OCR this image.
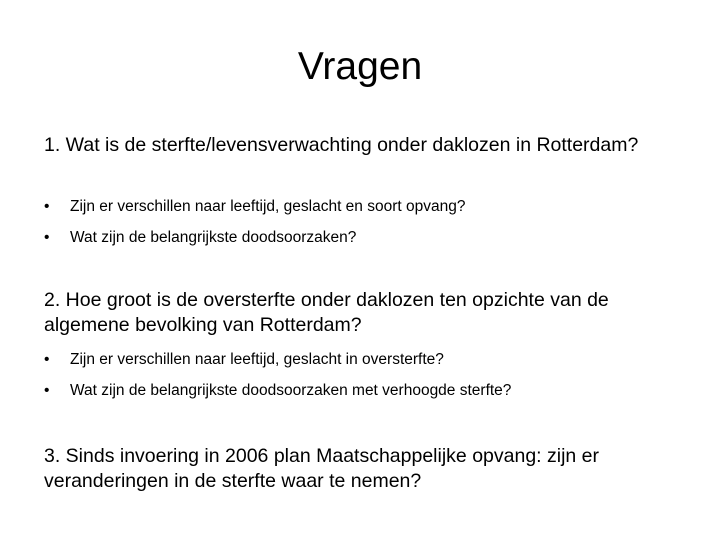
Vragen

1. Wat is de sterfte/levensverwachting onder daklozen in Rotterdam?

•	Zijn er verschillen naar leeftijd, geslacht en soort opvang?
•	Wat zijn de belangrijkste doodsoorzaken?

2. Hoe groot is de oversterfte onder daklozen ten opzichte van de algemene bevolking van Rotterdam?

•	Zijn er verschillen naar leeftijd, geslacht in oversterfte?
•	Wat zijn de belangrijkste doodsoorzaken met verhoogde sterfte?

3. Sinds invoering in 2006 plan Maatschappelijke opvang: zijn er veranderingen in de sterfte waar te nemen?
